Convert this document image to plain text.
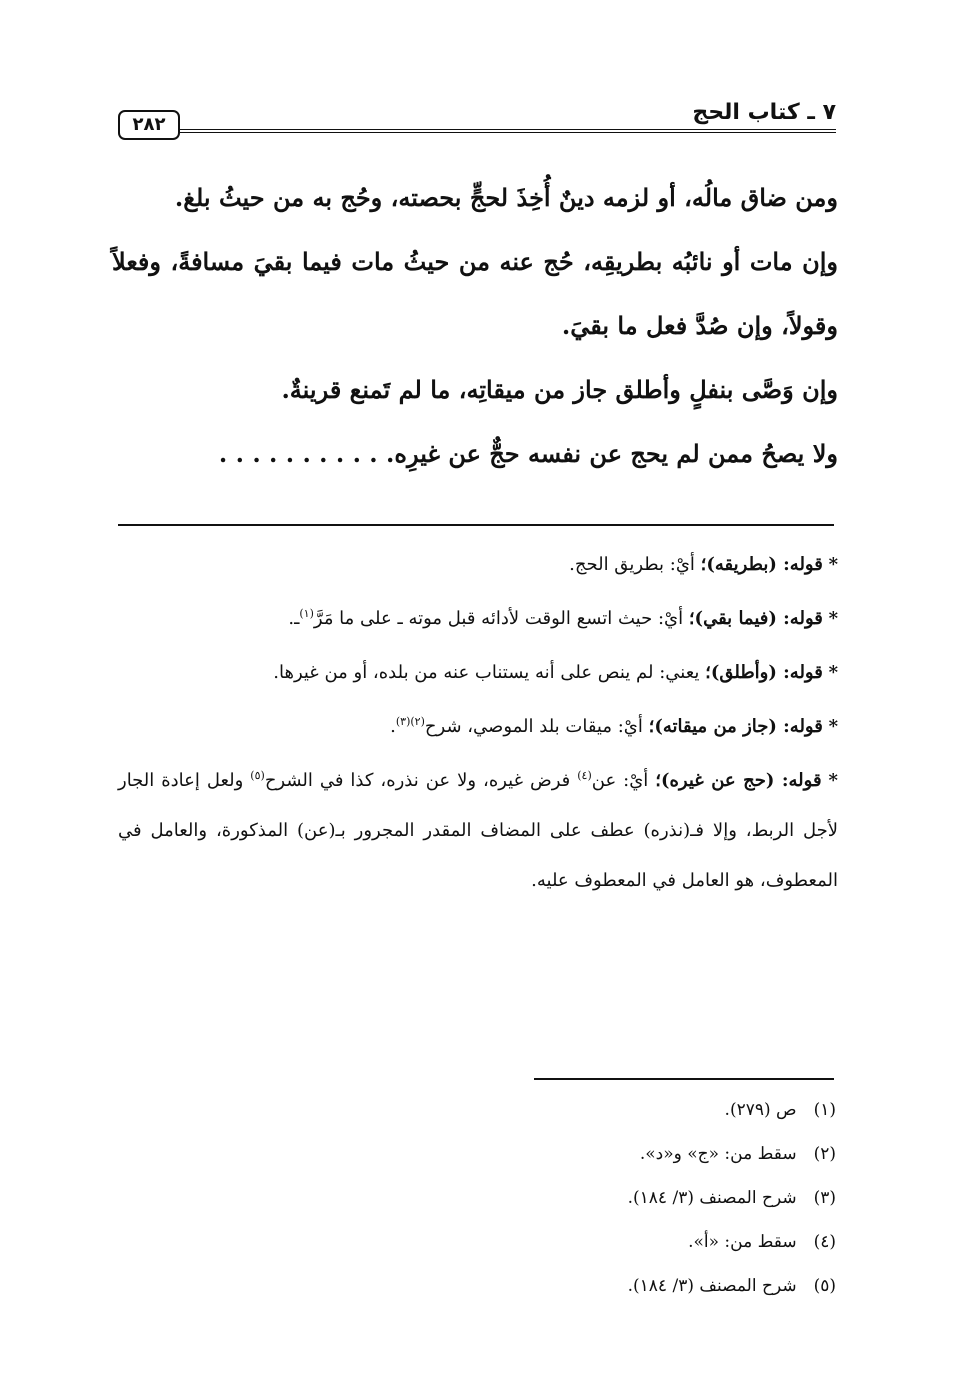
٧ ـ كتاب الحج
٢٨٢

ومن ضاق مالُه، أو لزمه دينٌ أُخِذَ لحجٍّ بحصته، وحُج به من حيثُ بلغ.

وإن مات أو نائبُه بطريقِه، حُج عنه من حيثُ مات فيما بقيَ مسافةً، وفعلاً وقولاً، وإن صُدَّ فعل ما بقيَ.

وإن وَصَّى بنفلٍ وأطلق جاز من ميقاتِه، ما لم تَمنع قرينةٌ.

ولا يصحُ ممن لم يحج عن نفسه حجٌّ عن غيرِه. . . . . . . . . . .

* قوله: (بطريقه)؛ أيْ: بطريق الحج.

* قوله: (فيما بقي)؛ أيْ: حيث اتسع الوقت لأدائه قبل موته ـ على ما مَرَّ$^{(١)}$ـ.

* قوله: (وأطلق)؛ يعني: لم ينص على أنه يستناب عنه من بلده، أو من غيرها.

* قوله: (جاز من ميقاته)؛ أيْ: ميقات بلد الموصي، شرح$^{(٢)(٣)}$.

* قوله: (حج عن غيره)؛ أيْ: عن$^{(٤)}$ فرض غيره، ولا عن نذره، كذا في الشرح$^{(٥)}$ ولعل إعادة الجار لأجل الربط، وإلا فـ(نذره) عطف على المضاف المقدر المجرور بـ(عن) المذكورة، والعامل في المعطوف، هو العامل في المعطوف عليه.

(١) ص (٢٧٩).
(٢) سقط من: «ج» و«د».
(٣) شرح المصنف (٣/ ١٨٤).
(٤) سقط من: «أ».
(٥) شرح المصنف (٣/ ١٨٤).
